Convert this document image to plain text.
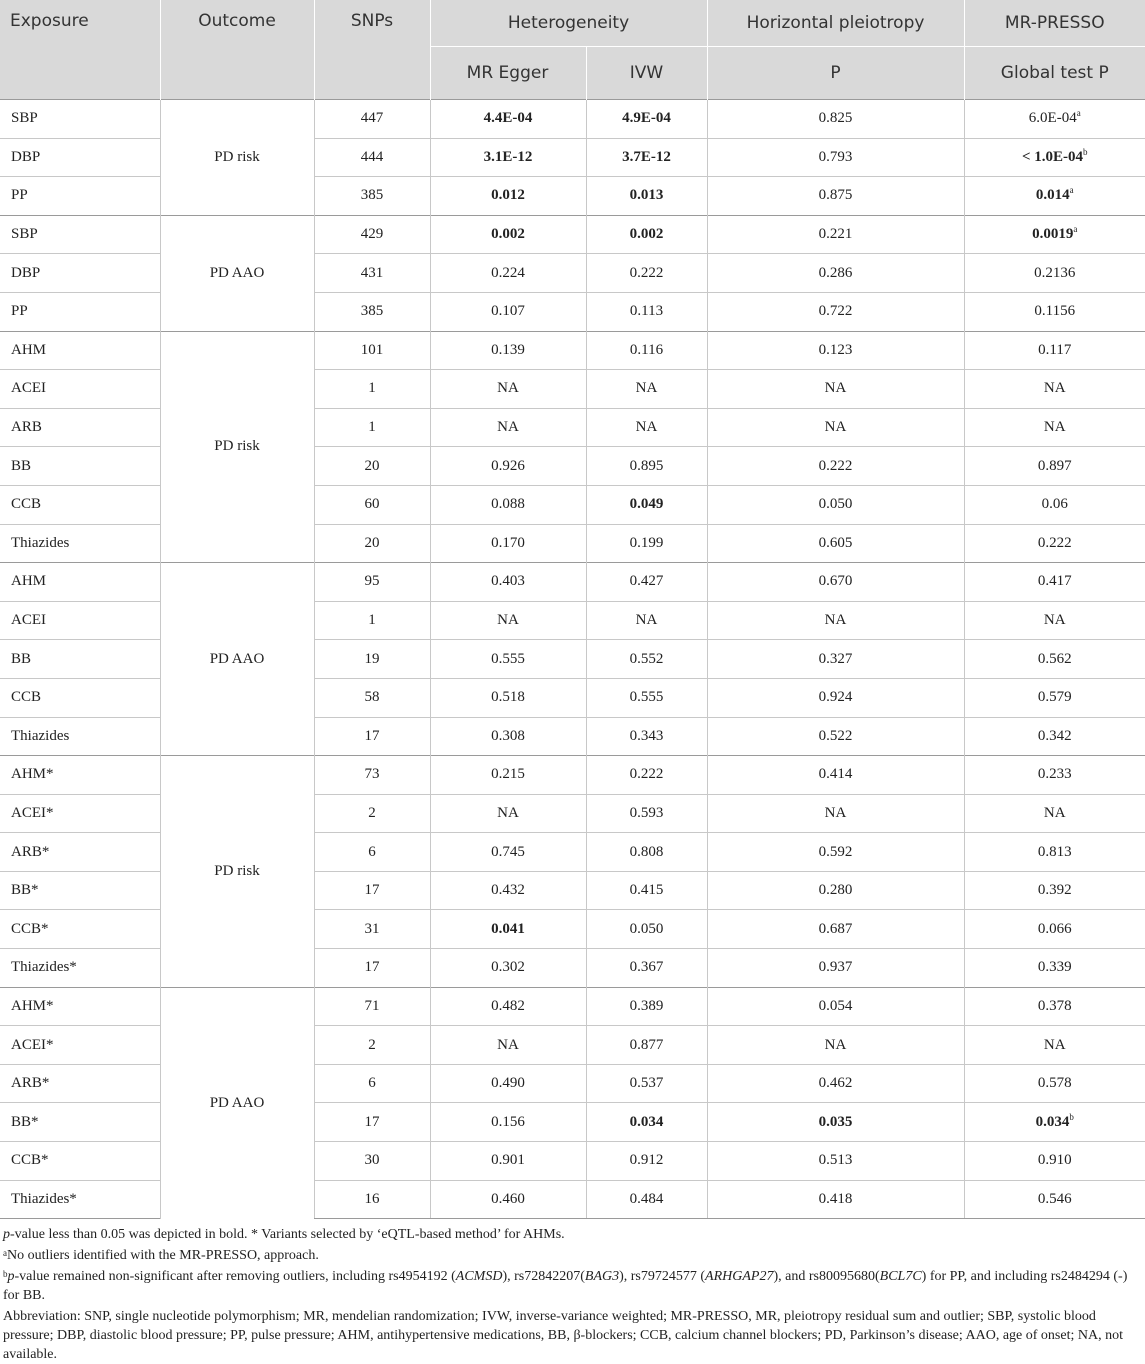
Exposure	Outcome	SNPs	Heterogeneity		Horizontal pleiotropy	MR-PRESSO
			MR Egger	IVW	P	Global test P
SBP	PD risk	447	4.4E-04	4.9E-04	0.825	6.0E-04$^a$
DBP		444	3.1E-12	3.7E-12	0.793	< $1.0E-04^b$
PP		385	0.012	0.013	0.875	0.014$^a$
SBP	PD AAO	429	0.002	0.002	0.221	0.0019$^a$
DBP		431	0.224	0.222	0.286	0.2136
PP		385	0.107	0.113	0.722	0.1156
AHM	PD risk	101	0.139	0.116	0.123	0.117
ACEI		1	NA	NA	NA	NA
ARB		1	NA	NA	NA	NA
BB		20	0.926	0.895	0.222	0.897
CCB		60	0.088	0.049	0.050	0.06
Thiazides		20	0.170	0.199	0.605	0.222
AHM	PD AAO	95	0.403	0.427	0.670	0.417
ACEI		1	NA	NA	NA	NA
BB		19	0.555	0.552	0.327	0.562
CCB		58	0.518	0.555	0.924	0.579
Thiazides		17	0.308	0.343	0.522	0.342
AHM*	PD risk	73	0.215	0.222	0.414	0.233
ACEI*		2	NA	0.593	NA	NA
ARB*		6	0.745	0.808	0.592	0.813
BB*		17	0.432	0.415	0.280	0.392
CCB*		31	0.041	0.050	0.687	0.066
Thiazides*		17	0.302	0.367	0.937	0.339
AHM*	PD AAO	71	0.482	0.389	0.054	0.378
ACEI*		2	NA	0.877	NA	NA
ARB*		6	0.490	0.537	0.462	0.578
BB*		17	0.156	0.034	0.035	0.034$^b$
CCB*		30	0.901	0.912	0.513	0.910
Thiazides*		16	0.460	0.484	0.418	0.546

p-value less than 0.05 was depicted in bold. * Variants selected by ‘eQTL-based method’ for AHMs.

$^a$No outliers identified with the MR-PRESSO, approach.

$^b$p-value remained non-significant after removing outliers, including rs4954192 (ACMSD), rs72842207(BAG3), rs79724577 (ARHGAP27), and rs80095680(BCL7C) for PP, and including rs2484294 (-) for BB.

Abbreviation: SNP, single nucleotide polymorphism; MR, mendelian randomization; IVW, inverse-variance weighted; MR-PRESSO, MR, pleiotropy residual sum and outlier; SBP, systolic blood pressure; DBP, diastolic blood pressure; PP, pulse pressure; AHM, antihypertensive medications, BB, β-blockers; CCB, calcium channel blockers; PD, Parkinson’s disease; AAO, age of onset; NA, not available.
